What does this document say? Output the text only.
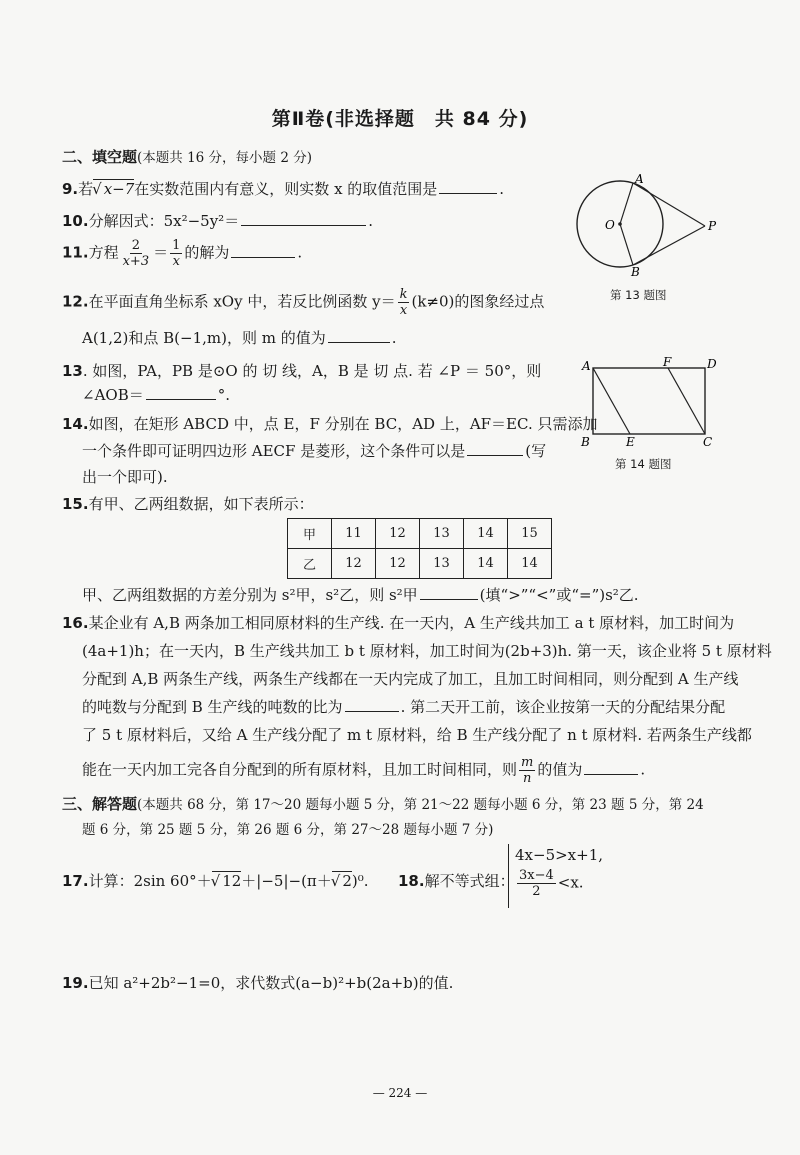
第Ⅱ卷(非选择题　共 84 分)
二、填空题(本题共 16 分，每小题 2 分)
9.若 √ x−7在实数范围内有意义，则实数 x 的取值范围是	.
10.分解因式：5x²−5y²＝	.
11.方程 $\frac{2}{x+3} = \frac{1}{x}$ 的解为	.
12.在平面直角坐标系 xOy 中，若反比例函数 $y= \frac{k}{x} (k\ne 0)$的图象经过点
A(1,2)和点 B(−1,m)，则 m 的值为	.
13. 如图，PA，PB 是⊙O 的 切 线，A，B 是 切 点. 若 ∠P ＝ 50°，则
∠AOB＝	°.
14.如图，在矩形 ABCD 中，点 E，F 分别在 BC，AD 上，AF＝EC. 只需添加
一个条件即可证明四边形 AECF 是菱形，这个条件可以是	(写
出一个即可).
15.有甲、乙两组数据，如下表所示：
甲	11	12	13	14	15
乙	12	12	13	14	14
甲、乙两组数据的方差分别为 s²甲，s²乙，则 s²甲	(填“>”“<”或“=”)s²乙.
16.某企业有 A,B 两条加工相同原材料的生产线. 在一天内，A 生产线共加工 a t 原材料，加工时间为
(4a+1)h；在一天内，B 生产线共加工 b t 原材料，加工时间为(2b+3)h. 第一天，该企业将 5 t 原材料
分配到 A,B 两条生产线，两条生产线都在一天内完成了加工，且加工时间相同，则分配到 A 生产线
的吨数与分配到 B 生产线的吨数的比为	. 第二天开工前，该企业按第一天的分配结果分配
了 5 t 原材料后，又给 A 生产线分配了 m t 原材料，给 B 生产线分配了 n t 原材料. 若两条生产线都
能在一天内加工完各自分配到的所有原材料，且加工时间相同，则 $\frac{m}{n}$ 的值为	.
三、解答题(本题共 68 分，第 17～20 题每小题 5 分，第 21～22 题每小题 6 分，第 23 题 5 分，第 24
题 6 分，第 25 题 5 分，第 26 题 6 分，第 27～28 题每小题 7 分)
17.计算：2sin 60°＋ √ 12＋|−5|−(π＋ √ 2)⁰. 18.解不等式组：
4x−5>x+1,
$\frac{3x-4}{2} <x$.
19.已知 a²+2b²−1=0，求代数式(a−b)²+b(2a+b)的值.
O
A
B
P
第 13 题图
A	F	D
B	E	C
第 14 题图
— 224 —
